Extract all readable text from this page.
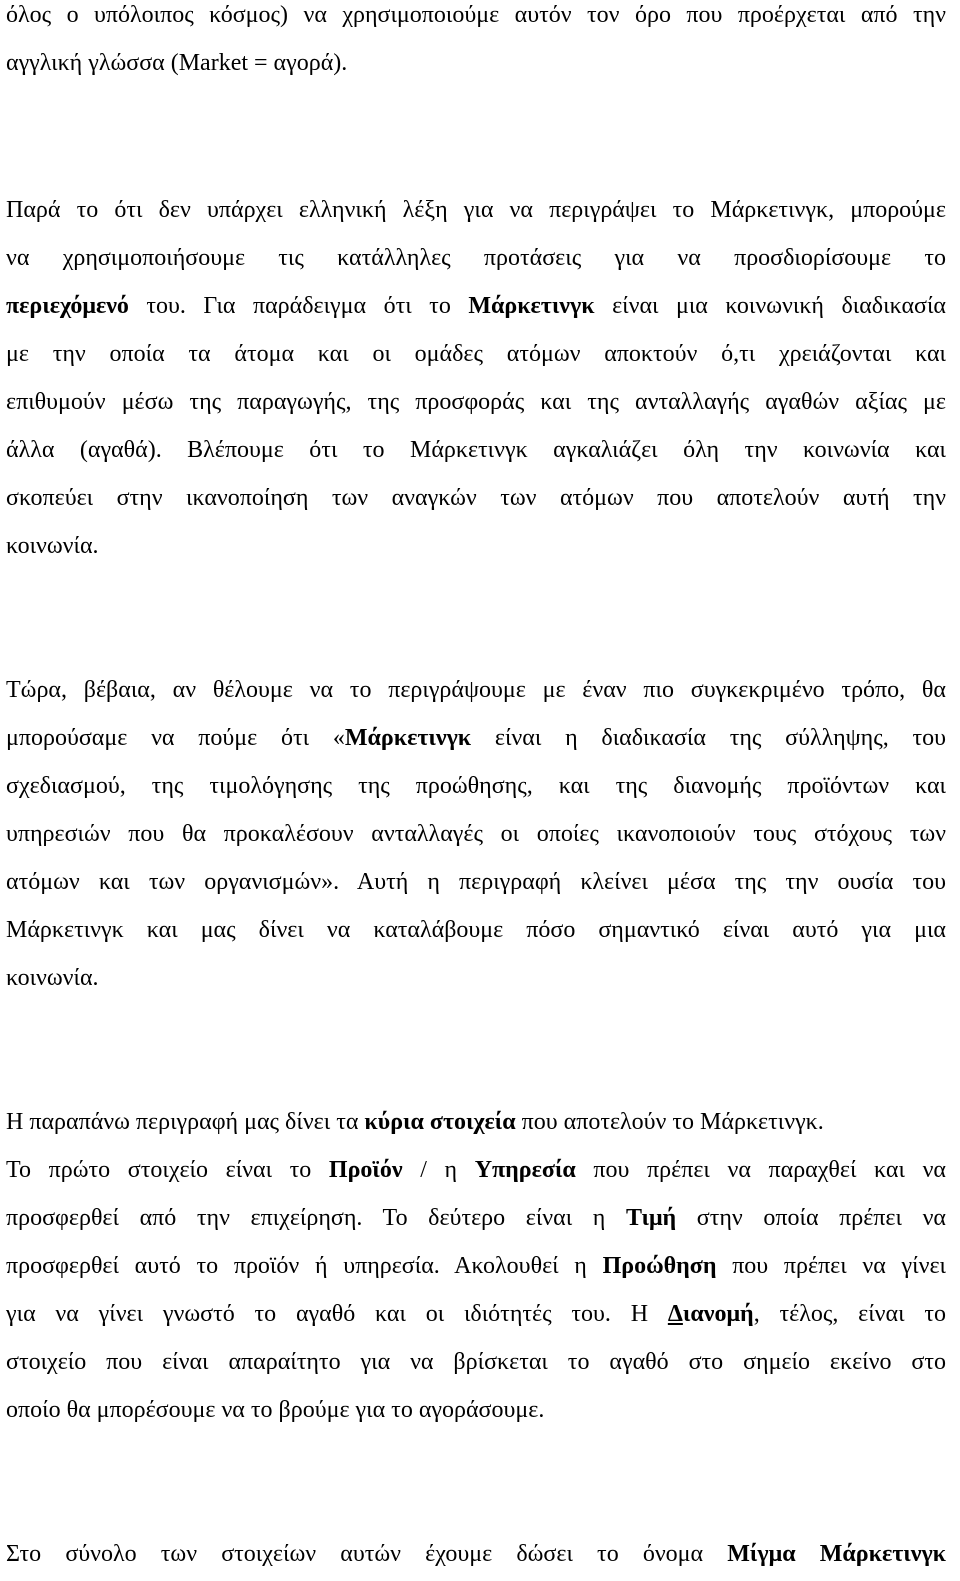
όλος ο υπόλοιπος κόσμος) να χρησιμοποιούμε αυτόν τον όρο που προέρχεται από την
αγγλική γλώσσα (Market = αγορά).
Παρά το ότι δεν υπάρχει ελληνική λέξη για να περιγράψει το Μάρκετινγκ, μπορούμε
να χρησιμοποιήσουμε τις κατάλληλες προτάσεις για να προσδιορίσουμε το
περιεχόμενό του. Για παράδειγμα ότι το Μάρκετινγκ είναι μια κοινωνική διαδικασία
με την οποία τα άτομα και οι ομάδες ατόμων αποκτούν ό,τι χρειάζονται και
επιθυμούν μέσω της παραγωγής, της προσφοράς και της ανταλλαγής αγαθών αξίας με
άλλα (αγαθά). Βλέπουμε ότι το Μάρκετινγκ αγκαλιάζει όλη την κοινωνία και
σκοπεύει στην ικανοποίηση των αναγκών των ατόμων που αποτελούν αυτή την
κοινωνία.
Τώρα, βέβαια, αν θέλουμε να το περιγράψουμε με έναν πιο συγκεκριμένο τρόπο, θα
μπορούσαμε να πούμε ότι «Μάρκετινγκ είναι η διαδικασία της σύλληψης, του
σχεδιασμού, της τιμολόγησης της προώθησης, και της διανομής προϊόντων και
υπηρεσιών που θα προκαλέσουν ανταλλαγές οι οποίες ικανοποιούν τους στόχους των
ατόμων και των οργανισμών». Αυτή η περιγραφή κλείνει μέσα της την ουσία του
Μάρκετινγκ και μας δίνει να καταλάβουμε πόσο σημαντικό είναι αυτό για μια
κοινωνία.
Η παραπάνω περιγραφή μας δίνει τα κύρια στοιχεία που αποτελούν το Μάρκετινγκ.
Το πρώτο στοιχείο είναι το Προϊόν / η Υπηρεσία που πρέπει να παραχθεί και να
προσφερθεί από την επιχείρηση. Το δεύτερο είναι η Τιμή στην οποία πρέπει να
προσφερθεί αυτό το προϊόν ή υπηρεσία. Ακολουθεί η Προώθηση που πρέπει να γίνει
για να γίνει γνωστό το αγαθό και οι ιδιότητές του. Η Διανομή, τέλος, είναι το
στοιχείο που είναι απαραίτητο για να βρίσκεται το αγαθό στο σημείο εκείνο στο
οποίο θα μπορέσουμε να το βρούμε για το αγοράσουμε.
Στο σύνολο των στοιχείων αυτών έχουμε δώσει το όνομα Μίγμα Μάρκετινγκ
